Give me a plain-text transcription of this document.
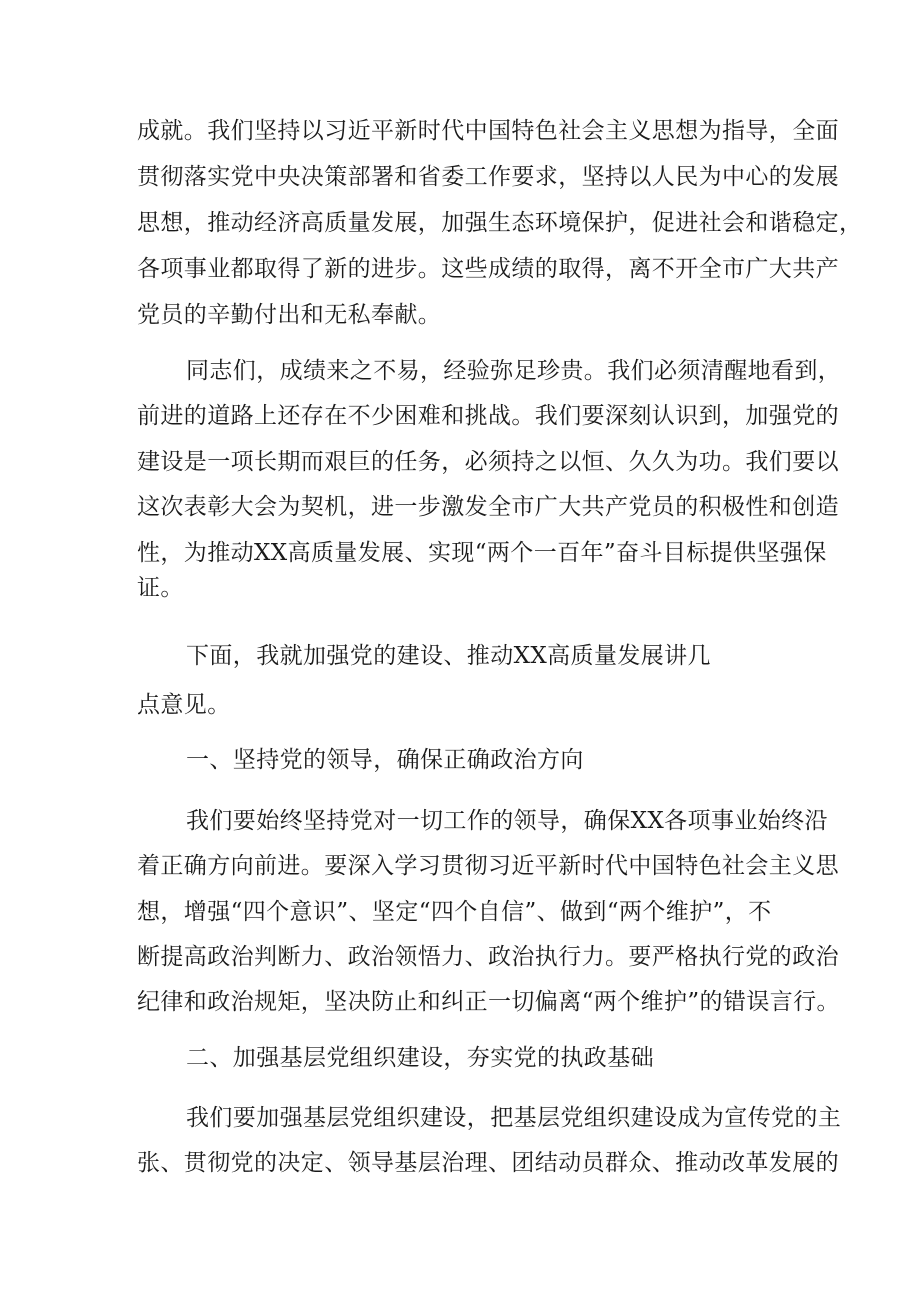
成就。我们坚持以习近平新时代中国特色社会主义思想为指导，全面
贯彻落实党中央决策部署和省委工作要求，坚持以人民为中心的发展
思想，推动经济高质量发展，加强生态环境保护，促进社会和谐稳定，
各项事业都取得了新的进步。这些成绩的取得，离不开全市广大共产
党员的辛勤付出和无私奉献。
同志们，成绩来之不易，经验弥足珍贵。我们必须清醒地看到，
前进的道路上还存在不少困难和挑战。我们要深刻认识到，加强党的
建设是一项长期而艰巨的任务，必须持之以恒、久久为功。我们要以
这次表彰大会为契机，进一步激发全市广大共产党员的积极性和创造
性，为推动XX高质量发展、实现“两个一百年”奋斗目标提供坚强保
证。
下面，我就加强党的建设、推动XX高质量发展讲几
点意见。
一、坚持党的领导，确保正确政治方向
我们要始终坚持党对一切工作的领导，确保XX各项事业始终沿
着正确方向前进。要深入学习贯彻习近平新时代中国特色社会主义思
想，增强“四个意识”、坚定“四个自信”、做到“两个维护”，不
断提高政治判断力、政治领悟力、政治执行力。要严格执行党的政治
纪律和政治规矩，坚决防止和纠正一切偏离“两个维护”的错误言行。
二、加强基层党组织建设，夯实党的执政基础
我们要加强基层党组织建设，把基层党组织建设成为宣传党的主
张、贯彻党的决定、领导基层治理、团结动员群众、推动改革发展的
